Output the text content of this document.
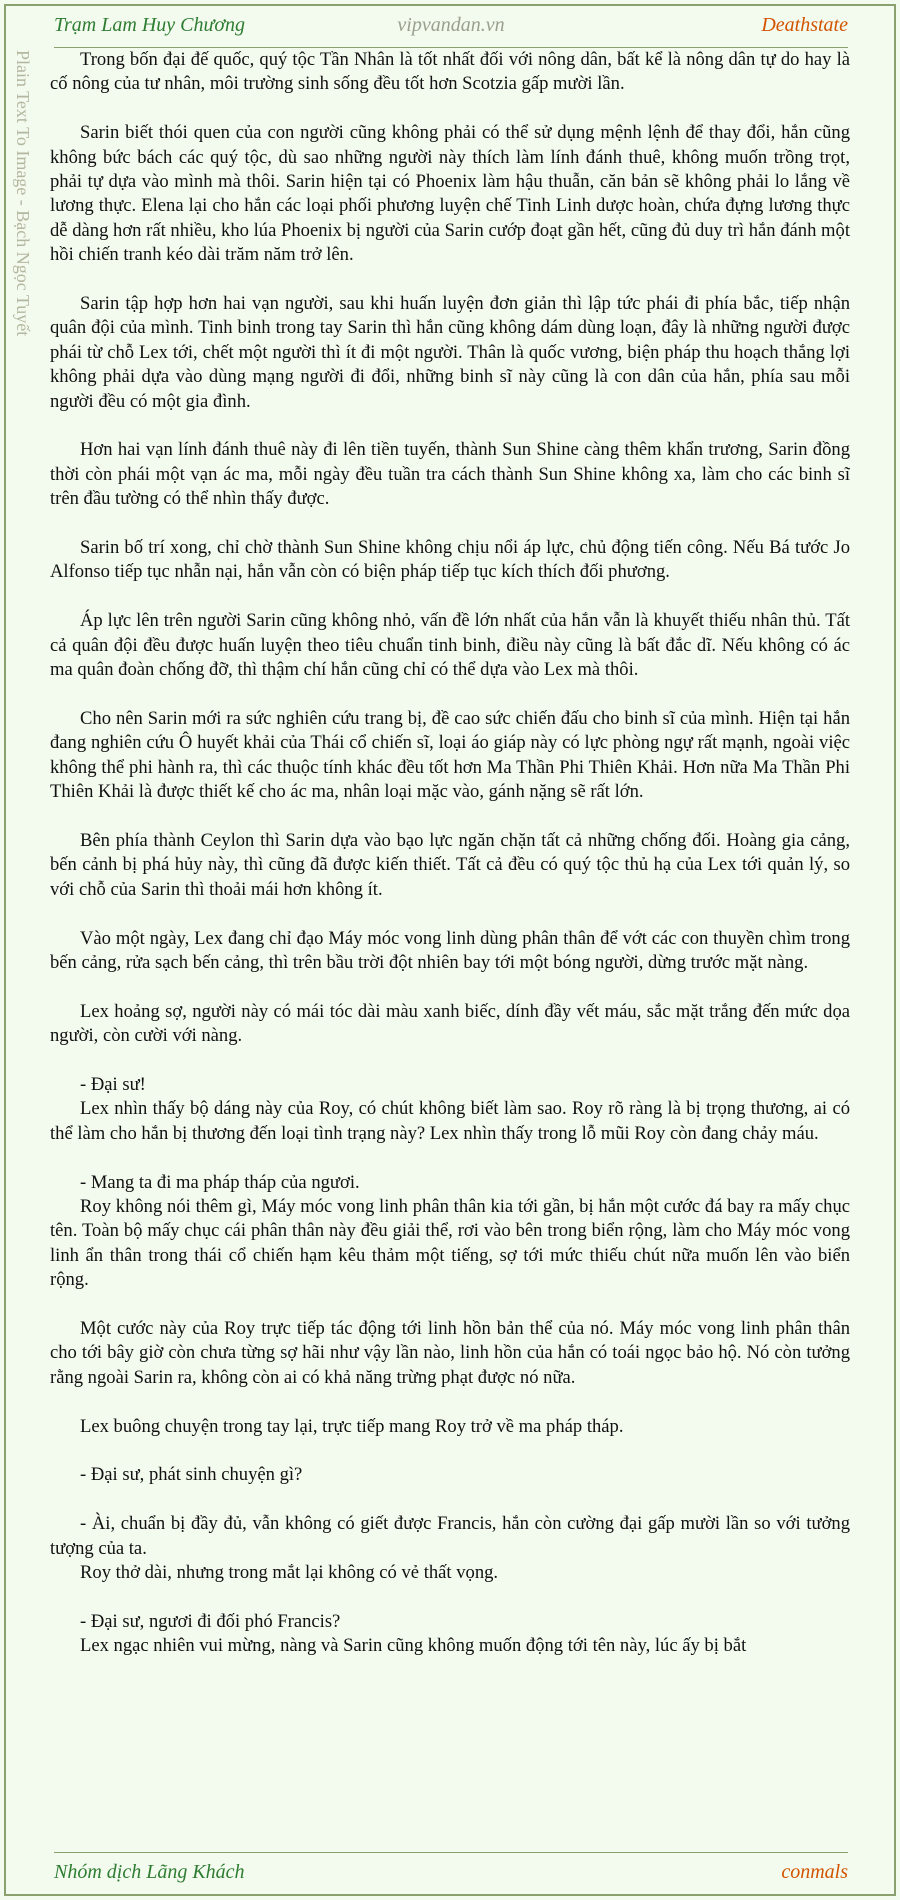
Trạm Lam Huy Chương	vipvandan.vn	Deathstate
Plain Text To Image - Bạch Ngọc Tuyết	Trong bốn đại đế quốc, quý tộc Tần Nhân là tốt nhất đối với nông dân, bất kể là nông dân tự do hay là cố nông của tư nhân, môi trường sinh sống đều tốt hơn Scotzia gấp mười lần.

Sarin biết thói quen của con người cũng không phải có thể sử dụng mệnh lệnh để thay đổi, hắn cũng không bức bách các quý tộc, dù sao những người này thích làm lính đánh thuê, không muốn trồng trọt, phải tự dựa vào mình mà thôi. Sarin hiện tại có Phoenix làm hậu thuẫn, căn bản sẽ không phải lo lắng về lương thực. Elena lại cho hắn các loại phối phương luyện chế Tinh Linh dược hoàn, chứa đựng lương thực dễ dàng hơn rất nhiều, kho lúa Phoenix bị người của Sarin cướp đoạt gần hết, cũng đủ duy trì hắn đánh một hồi chiến tranh kéo dài trăm năm trở lên.

Sarin tập hợp hơn hai vạn người, sau khi huấn luyện đơn giản thì lập tức phái đi phía bắc, tiếp nhận quân đội của mình. Tinh binh trong tay Sarin thì hắn cũng không dám dùng loạn, đây là những người được phái từ chỗ Lex tới, chết một người thì ít đi một người. Thân là quốc vương, biện pháp thu hoạch thắng lợi không phải dựa vào dùng mạng người đi đổi, những binh sĩ này cũng là con dân của hắn, phía sau mỗi người đều có một gia đình.

Hơn hai vạn lính đánh thuê này đi lên tiền tuyến, thành Sun Shine càng thêm khẩn trương, Sarin đồng thời còn phái một vạn ác ma, mỗi ngày đều tuần tra cách thành Sun Shine không xa, làm cho các binh sĩ trên đầu tường có thể nhìn thấy được.

Sarin bố trí xong, chỉ chờ thành Sun Shine không chịu nổi áp lực, chủ động tiến công. Nếu Bá tước Jo Alfonso tiếp tục nhẫn nại, hắn vẫn còn có biện pháp tiếp tục kích thích đối phương.

Áp lực lên trên người Sarin cũng không nhỏ, vấn đề lớn nhất của hắn vẫn là khuyết thiếu nhân thủ. Tất cả quân đội đều được huấn luyện theo tiêu chuẩn tinh binh, điều này cũng là bất đắc dĩ. Nếu không có ác ma quân đoàn chống đỡ, thì thậm chí hắn cũng chỉ có thể dựa vào Lex mà thôi.

Cho nên Sarin mới ra sức nghiên cứu trang bị, đề cao sức chiến đấu cho binh sĩ của mình. Hiện tại hắn đang nghiên cứu Ô huyết khải của Thái cổ chiến sĩ, loại áo giáp này có lực phòng ngự rất mạnh, ngoài việc không thể phi hành ra, thì các thuộc tính khác đều tốt hơn Ma Thần Phi Thiên Khải. Hơn nữa Ma Thần Phi Thiên Khải là được thiết kế cho ác ma, nhân loại mặc vào, gánh nặng sẽ rất lớn.

Bên phía thành Ceylon thì Sarin dựa vào bạo lực ngăn chặn tất cả những chống đối. Hoàng gia cảng, bến cảnh bị phá hủy này, thì cũng đã được kiến thiết. Tất cả đều có quý tộc thủ hạ của Lex tới quản lý, so với chỗ của Sarin thì thoải mái hơn không ít.

Vào một ngày, Lex đang chỉ đạo Máy móc vong linh dùng phân thân để vớt các con thuyền chìm trong bến cảng, rửa sạch bến cảng, thì trên bầu trời đột nhiên bay tới một bóng người, dừng trước mặt nàng.

Lex hoảng sợ, người này có mái tóc dài màu xanh biếc, dính đầy vết máu, sắc mặt trắng đến mức dọa người, còn cười với nàng.

- Đại sư!

Lex nhìn thấy bộ dáng này của Roy, có chút không biết làm sao. Roy rõ ràng là bị trọng thương, ai có thể làm cho hắn bị thương đến loại tình trạng này? Lex nhìn thấy trong lỗ mũi Roy còn đang chảy máu.

- Mang ta đi ma pháp tháp của ngươi.

Roy không nói thêm gì, Máy móc vong linh phân thân kia tới gần, bị hắn một cước đá bay ra mấy chục tên. Toàn bộ mấy chục cái phân thân này đều giải thể, rơi vào bên trong biển rộng, làm cho Máy móc vong linh ẩn thân trong thái cổ chiến hạm kêu thảm một tiếng, sợ tới mức thiếu chút nữa muốn lên vào biển rộng.

Một cước này của Roy trực tiếp tác động tới linh hồn bản thể của nó. Máy móc vong linh phân thân cho tới bây giờ còn chưa từng sợ hãi như vậy lần nào, linh hồn của hắn có toái ngọc bảo hộ. Nó còn tưởng rằng ngoài Sarin ra, không còn ai có khả năng trừng phạt được nó nữa.

Lex buông chuyện trong tay lại, trực tiếp mang Roy trở về ma pháp tháp.

- Đại sư, phát sinh chuyện gì?

- Ài, chuẩn bị đầy đủ, vẫn không có giết được Francis, hắn còn cường đại gấp mười lần so với tưởng tượng của ta.

Roy thở dài, nhưng trong mắt lại không có vẻ thất vọng.

- Đại sư, ngươi đi đối phó Francis?

Lex ngạc nhiên vui mừng, nàng và Sarin cũng không muốn động tới tên này, lúc ấy bị bắt

Nhóm dịch Lãng Khách	conmals
